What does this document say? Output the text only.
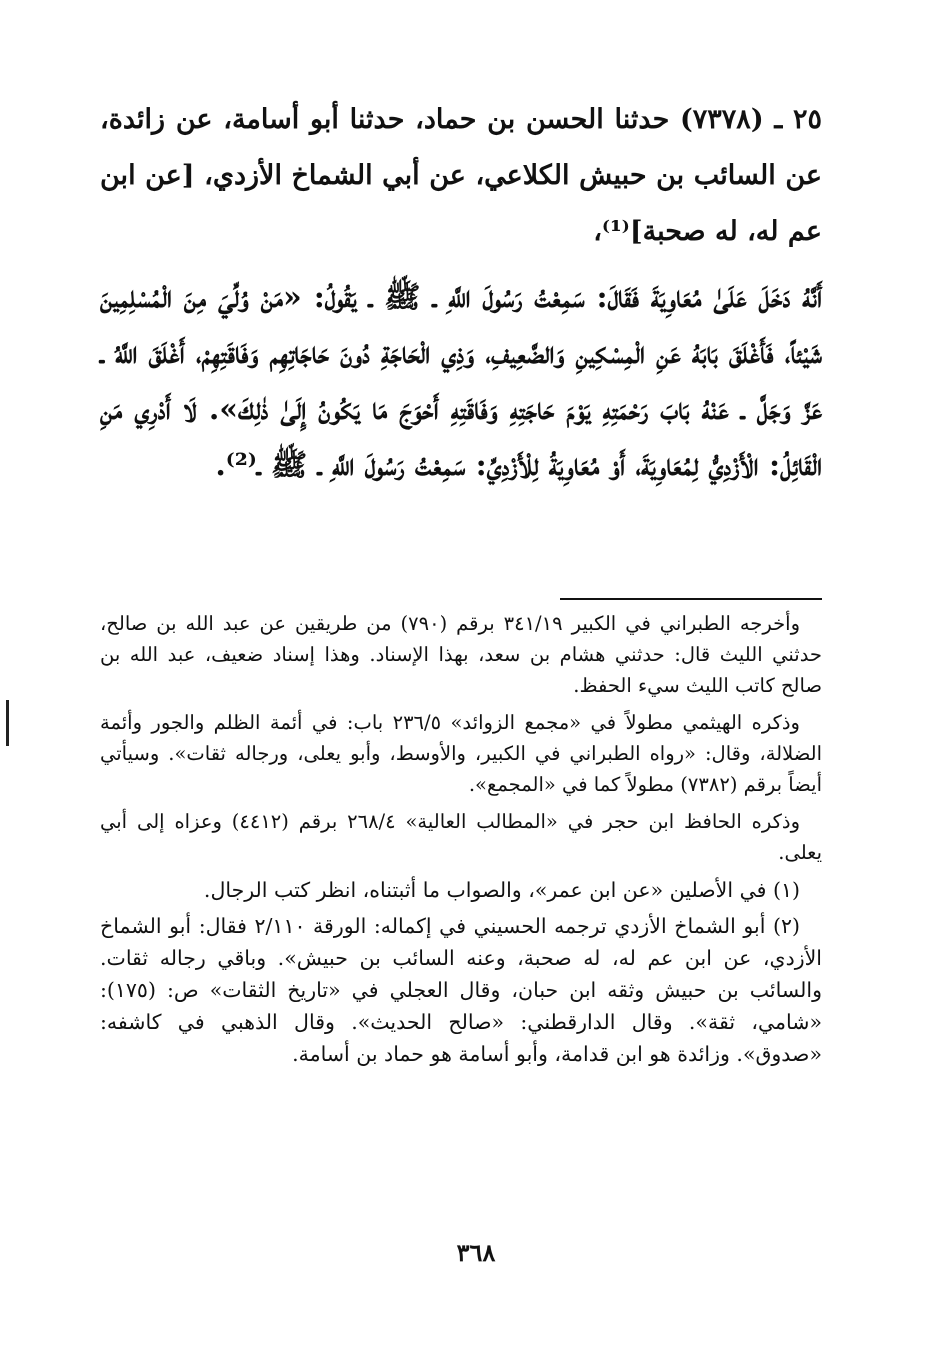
٢٥ ـ (٧٣٧٨) حدثنا الحسن بن حماد، حدثنا أبو أسامة، عن زائدة، عن السائب بن حبيش الكلاعي، عن أبي الشماخ الأزدي، [عن ابن عم له، له صحبة]⁽¹⁾،

أَنَّهُ دَخَلَ عَلَىٰ مُعَاوِيَةَ فَقَالَ: سَمِعْتُ رَسُولَ اللَّهِ ـ ﷺ ـ يَقُولُ: «مَنْ وُلِّيَ مِنَ الْمُسْلِمِينَ شَيْئاً، فَأَغْلَقَ بَابَهُ عَنِ الْمِسْكِينِ وَالضَّعِيفِ، وَذِي الْحَاجَةِ دُونَ حَاجَاتِهِم وَفَاقَتِهِمْ، أَغْلَقَ اللَّهُ ـ عَزَّ وَجَلَّ ـ عَنْهُ بَابَ رَحْمَتِهِ يَوْمَ حَاجَتِهِ وَفَاقَتِهِ أَحْوَجَ مَا يَكُونُ إِلَىٰ ذٰلِكَ». لَا أَدْرِي مَنِ الْقَائِلُ: الْأَزْدِيُّ لِمُعَاوِيَةَ، أَوْ مُعَاوِيَةُ لِلْأَزْدِيِّ: سَمِعْتُ رَسُولَ اللَّهِ ـ ﷺ ـ⁽²⁾.

وأخرجه الطبراني في الكبير ٣٤١/١٩ برقم (٧٩٠) من طريقين عن عبد الله بن صالح، حدثني الليث قال: حدثني هشام بن سعد، بهذا الإسناد. وهذا إسناد ضعيف، عبد الله بن صالح كاتب الليث سيء الحفظ.

وذكره الهيثمي مطولاً في «مجمع الزوائد» ٢٣٦/٥ باب: في أئمة الظلم والجور وأئمة الضلالة، وقال: «رواه الطبراني في الكبير، والأوسط، وأبو يعلى، ورجاله ثقات». وسيأتي أيضاً برقم (٧٣٨٢) مطولاً كما في «المجمع».

وذكره الحافظ ابن حجر في «المطالب العالية» ٢٦٨/٤ برقم (٤٤١٢) وعزاه إلى أبي يعلى.

(١) في الأصلين «عن ابن عمر»، والصواب ما أثبتناه، انظر كتب الرجال.

(٢) أبو الشماخ الأزدي ترجمه الحسيني في إكماله: الورقة ٢/١١٠ فقال: أبو الشماخ الأزدي، عن ابن عم له، له صحبة، وعنه السائب بن حبيش». وباقي رجاله ثقات. والسائب بن حبيش وثقه ابن حبان، وقال العجلي في «تاريخ الثقات» ص: (١٧٥): «شامي، ثقة». وقال الدارقطني: «صالح الحديث». وقال الذهبي في كاشفه: «صدوق». وزائدة هو ابن قدامة، وأبو أسامة هو حماد بن أسامة.

٣٦٨
